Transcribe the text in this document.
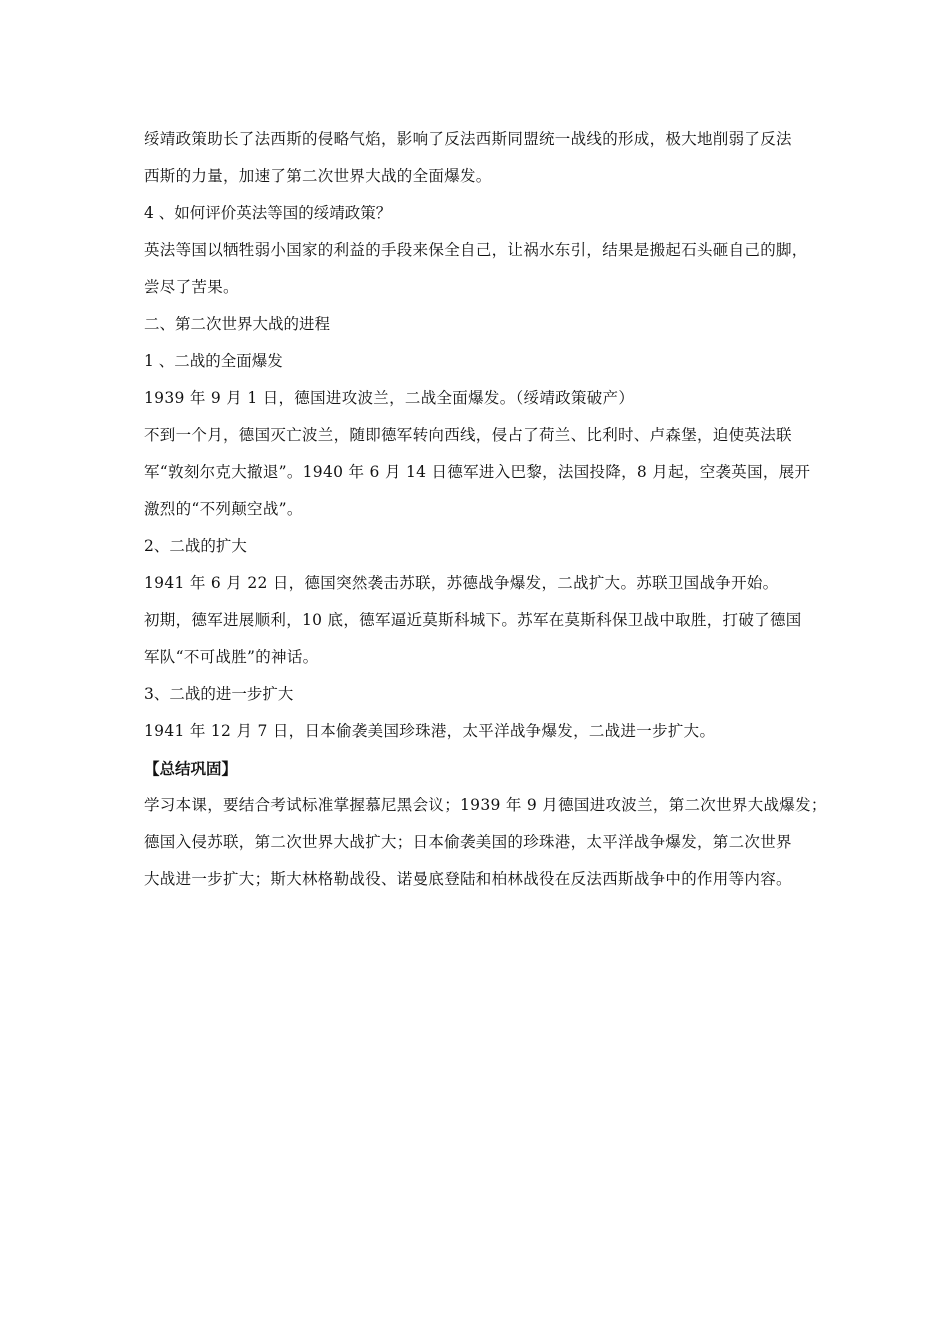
绥靖政策助长了法西斯的侵略气焰，影响了反法西斯同盟统一战线的形成，极大地削弱了反法
西斯的力量，加速了第二次世界大战的全面爆发。

4 、如何评价英法等国的绥靖政策？

英法等国以牺牲弱小国家的利益的手段来保全自己，让祸水东引，结果是搬起石头砸自己的脚，
尝尽了苦果。

二、第二次世界大战的进程

1 、二战的全面爆发

1939 年 9 月 1 日，德国进攻波兰，二战全面爆发。（绥靖政策破产）

不到一个月，德国灭亡波兰，随即德军转向西线，侵占了荷兰、比利时、卢森堡，迫使英法联
军“敦刻尔克大撤退”。1940 年 6 月 14 日德军进入巴黎，法国投降，8 月起，空袭英国，展开
激烈的“不列颠空战”。

2、二战的扩大

1941 年 6 月 22 日，德国突然袭击苏联，苏德战争爆发，二战扩大。苏联卫国战争开始。

初期，德军进展顺利，10 底，德军逼近莫斯科城下。苏军在莫斯科保卫战中取胜，打破了德国
军队“不可战胜”的神话。

3、二战的进一步扩大

1941 年 12 月 7 日，日本偷袭美国珍珠港，太平洋战争爆发，二战进一步扩大。

【总结巩固】

学习本课，要结合考试标准掌握慕尼黑会议；1939 年 9 月德国进攻波兰，第二次世界大战爆发；
德国入侵苏联，第二次世界大战扩大；日本偷袭美国的珍珠港，太平洋战争爆发，第二次世界
大战进一步扩大；斯大林格勒战役、诺曼底登陆和柏林战役在反法西斯战争中的作用等内容。
